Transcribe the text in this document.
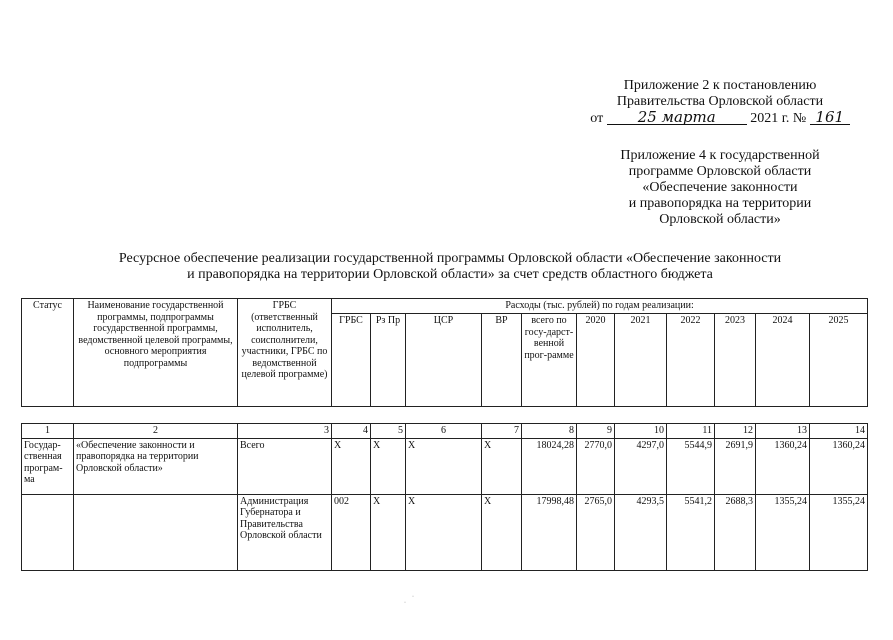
Приложение 2 к постановлению
Правительства Орловской области
от 25 марта 2021 г. № 161
Приложение 4 к государственной
программе Орловской области
«Обеспечение законности
и правопорядка на территории
Орловской области»
Ресурсное обеспечение реализации государственной программы Орловской области «Обеспечение законности
и правопорядка на территории Орловской области» за счет средств областного бюджета
Статус	Наименование государственной программы, подпрограммы государственной программы, ведомственной целевой программы, основного мероприятия подпрограммы	ГРБС (ответственный исполнитель, соисполнители, участники, ГРБС по ведомственной целевой программе)	Расходы (тыс. рублей) по годам реализации:										
			ГРБС	Рз Пр	ЦСР	ВР	всего по госу-дарст-венной прог-рамме	2020	2021	2022	2023	2024	2025
1	2	3	4	5	6	7	8	9	10	11	12	13	14
Государ-ственная програм-ма	«Обеспечение законности и правопорядка на территории Орловской области»	Всего	Х	Х	Х	Х	18024,28	2770,0	4297,0	5544,9	2691,9	1360,24	1360,24
		Администрация Губернатора и Правительства Орловской области	002	Х	Х	Х	17998,48	2765,0	4293,5	5541,2	2688,3	1355,24	1355,24
·
·
